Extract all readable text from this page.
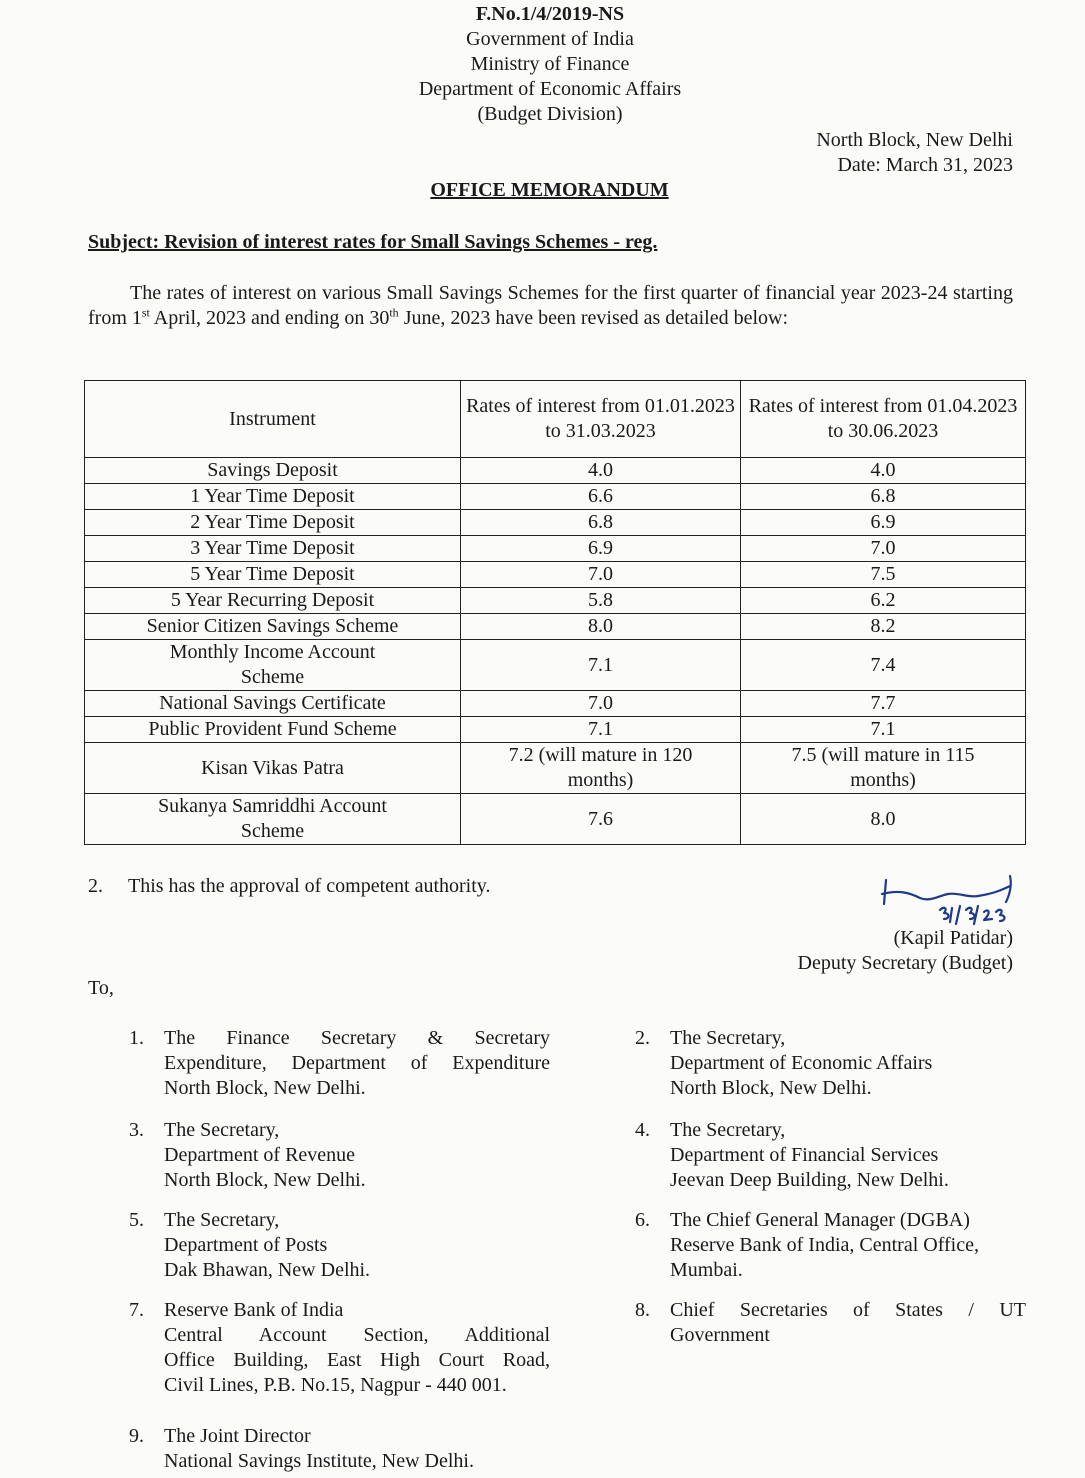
F.No.1/4/2019-NS
Government of India
Ministry of Finance
Department of Economic Affairs
(Budget Division)
North Block, New Delhi
Date: March 31, 2023
OFFICE MEMORANDUM
Subject: Revision of interest rates for Small Savings Schemes - reg.
The rates of interest on various Small Savings Schemes for the first quarter of financial year 2023-24 starting from 1st April, 2023 and ending on 30th June, 2023 have been revised as detailed below:
Instrument	Rates of interest from 01.01.2023 to 31.03.2023	Rates of interest from 01.04.2023 to 30.06.2023
Savings Deposit	4.0	4.0
1 Year Time Deposit	6.6	6.8
2 Year Time Deposit	6.8	6.9
3 Year Time Deposit	6.9	7.0
5 Year Time Deposit	7.0	7.5
5 Year Recurring Deposit	5.8	6.2
Senior Citizen Savings Scheme	8.0	8.2
Monthly Income Account Scheme	7.1	7.4
National Savings Certificate	7.0	7.7
Public Provident Fund Scheme	7.1	7.1
Kisan Vikas Patra	7.2 (will mature in 120 months)	7.5 (will mature in 115 months)
Sukanya Samriddhi Account Scheme	7.6	8.0
2. This has the approval of competent authority.
(Kapil Patidar)
Deputy Secretary (Budget)
To,
1.	The Finance Secretary & Secretary
Expenditure, Department of Expenditure
North Block, New Delhi.
2.	The Secretary,
Department of Economic Affairs
North Block, New Delhi.
3.	The Secretary,
Department of Revenue
North Block, New Delhi.
4.	The Secretary,
Department of Financial Services
Jeevan Deep Building, New Delhi.
5.	The Secretary,
Department of Posts
Dak Bhawan, New Delhi.
6.	The Chief General Manager (DGBA)
Reserve Bank of India, Central Office,
Mumbai.
7.	Reserve Bank of India
Central Account Section, Additional
Office Building, East High Court Road,
Civil Lines, P.B. No.15, Nagpur - 440 001.
8.	Chief Secretaries of States / UT
Government
9.	The Joint Director
National Savings Institute, New Delhi.
